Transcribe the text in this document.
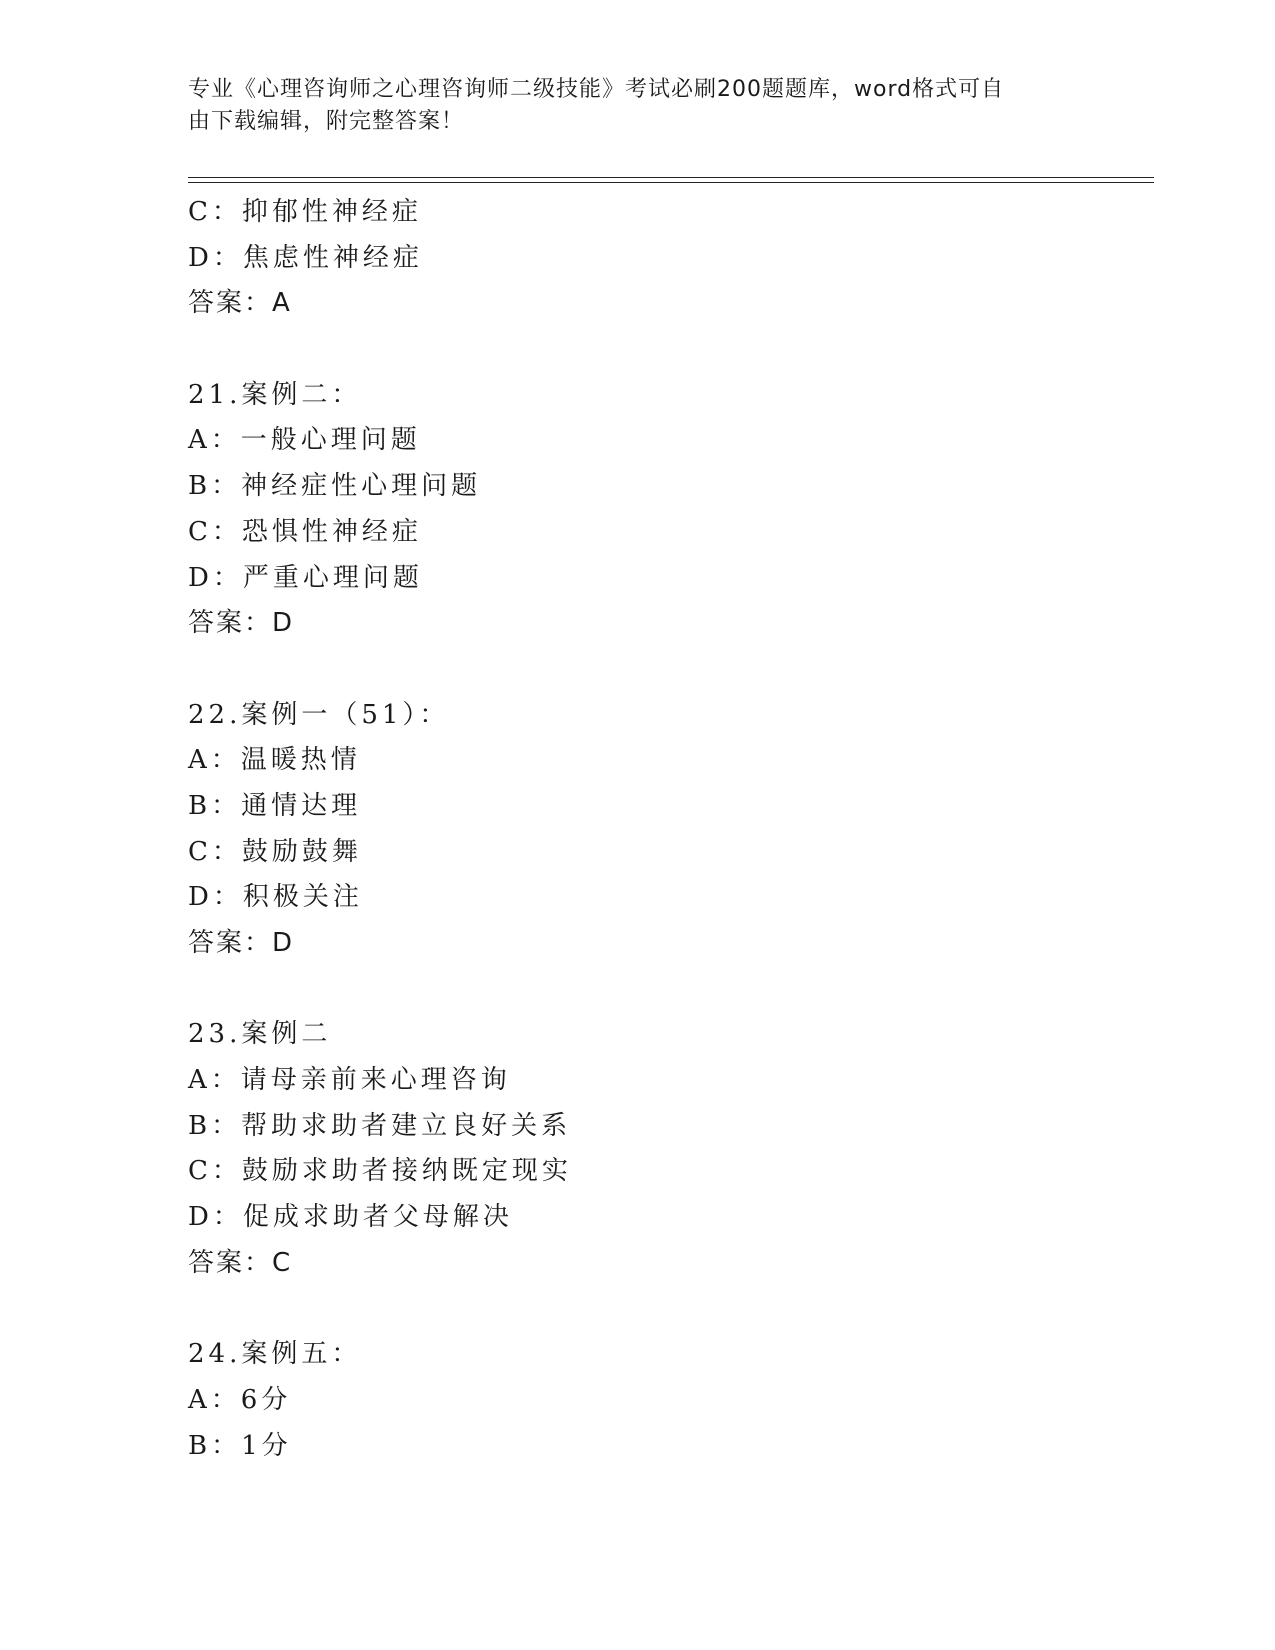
专业《心理咨询师之心理咨询师二级技能》考试必刷200题题库，word格式可自
由下载编辑，附完整答案！
C：抑郁性神经症
D：焦虑性神经症
答案：A
21.案例二：
A：一般心理问题
B：神经症性心理问题
C：恐惧性神经症
D：严重心理问题
答案：D
22.案例一（51）：
A：温暖热情
B：通情达理
C：鼓励鼓舞
D：积极关注
答案：D
23.案例二
A：请母亲前来心理咨询
B：帮助求助者建立良好关系
C：鼓励求助者接纳既定现实
D：促成求助者父母解决
答案：C
24.案例五：
A：6分
B：1分
